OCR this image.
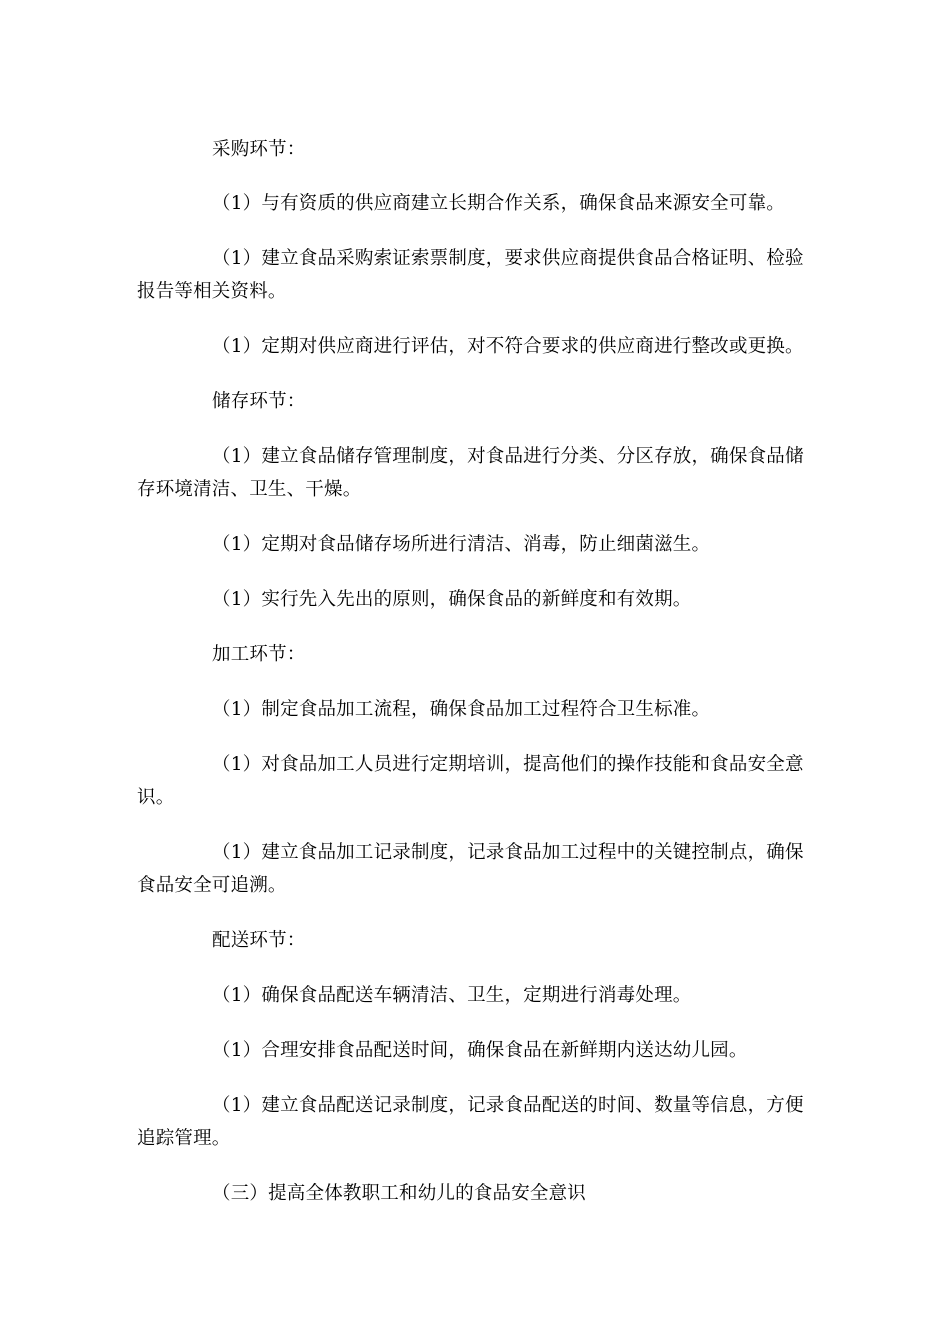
采购环节：

（1）与有资质的供应商建立长期合作关系，确保食品来源安全可靠。

（1）建立食品采购索证索票制度，要求供应商提供食品合格证明、检验报告等相关资料。

（1）定期对供应商进行评估，对不符合要求的供应商进行整改或更换。

储存环节：

（1）建立食品储存管理制度，对食品进行分类、分区存放，确保食品储存环境清洁、卫生、干燥。

（1）定期对食品储存场所进行清洁、消毒，防止细菌滋生。

（1）实行先入先出的原则，确保食品的新鲜度和有效期。

加工环节：

（1）制定食品加工流程，确保食品加工过程符合卫生标准。

（1）对食品加工人员进行定期培训，提高他们的操作技能和食品安全意识。

（1）建立食品加工记录制度，记录食品加工过程中的关键控制点，确保食品安全可追溯。

配送环节：

（1）确保食品配送车辆清洁、卫生，定期进行消毒处理。

（1）合理安排食品配送时间，确保食品在新鲜期内送达幼儿园。

（1）建立食品配送记录制度，记录食品配送的时间、数量等信息，方便追踪管理。

（三）提高全体教职工和幼儿的食品安全意识
